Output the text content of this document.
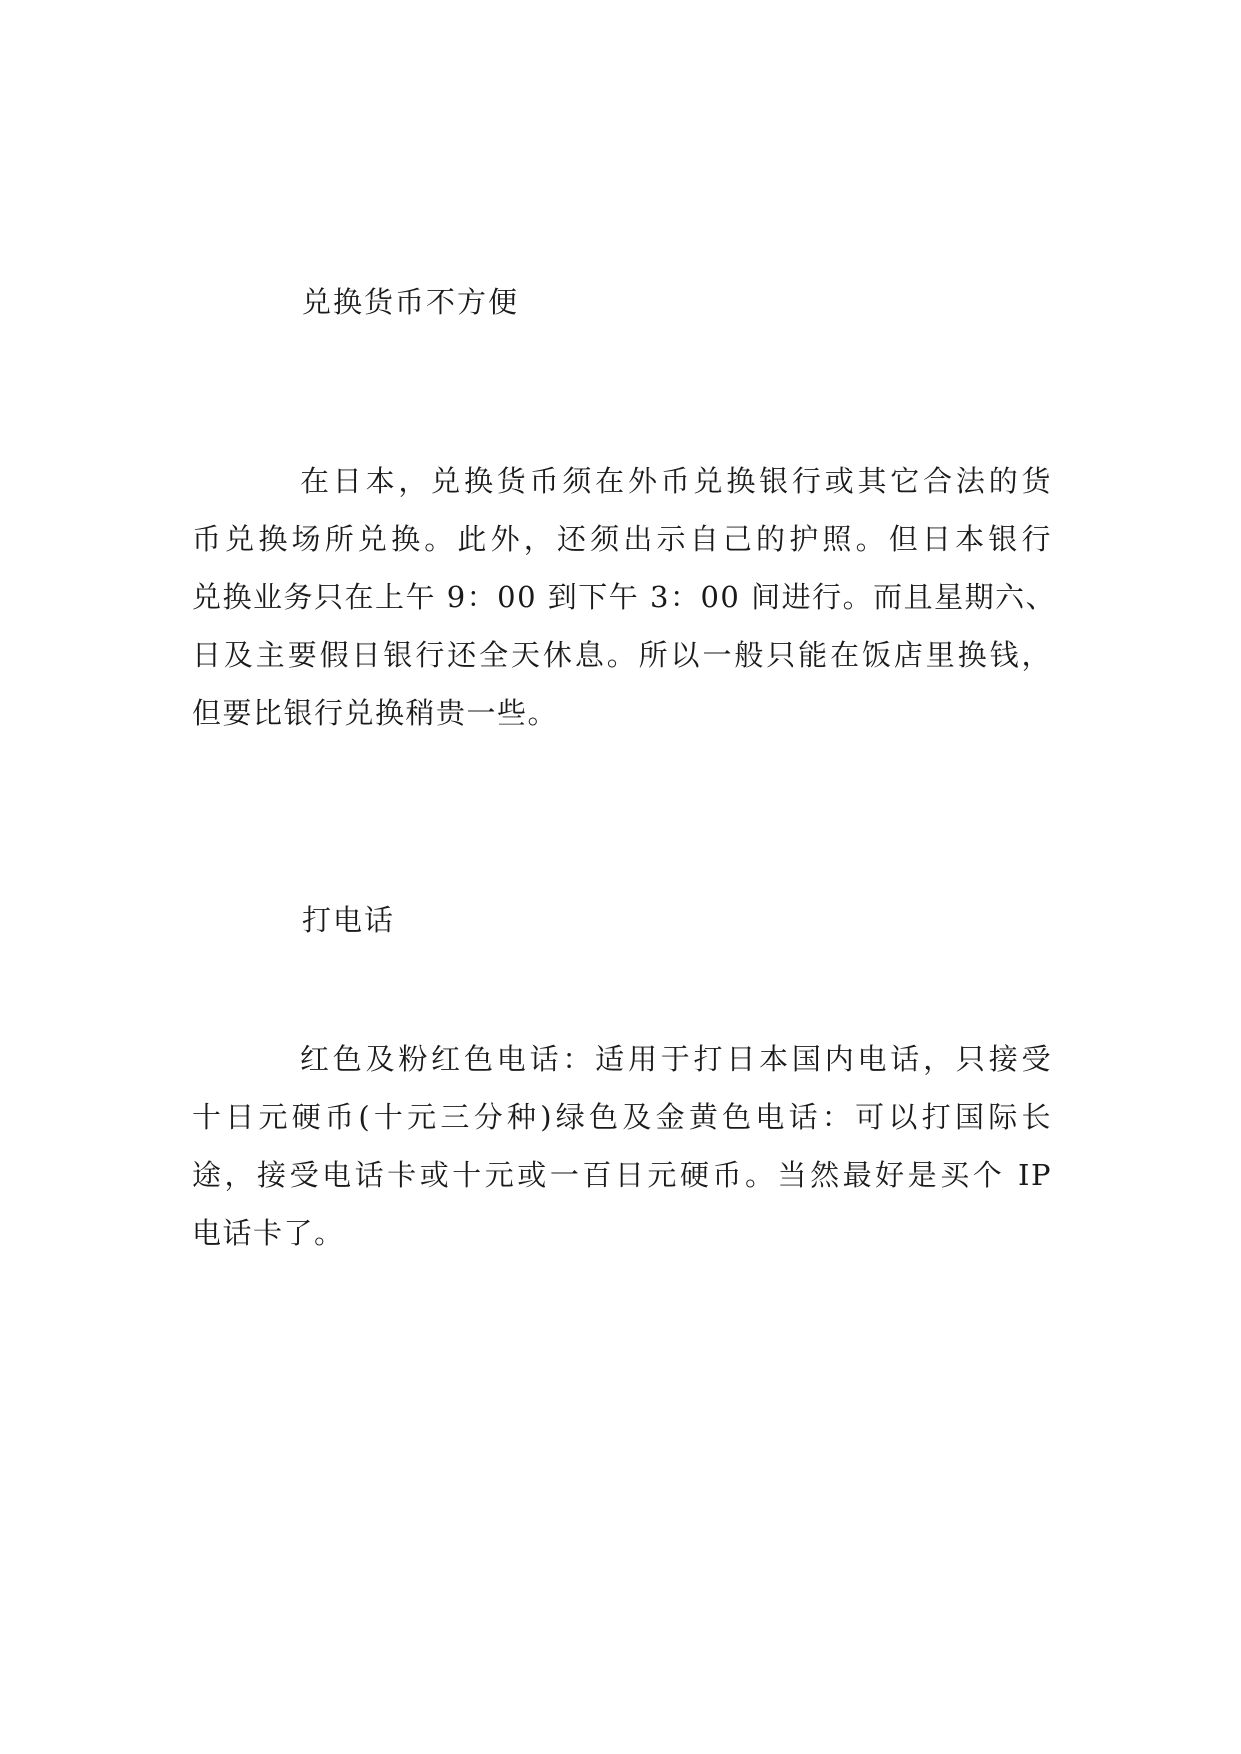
兑换货币不方便
在日本，兑换货币须在外币兑换银行或其它合法的货
币兑换场所兑换。此外，还须出示自己的护照。但日本银行
兑换业务只在上午 9：00 到下午 3：00 间进行。而且星期六、
日及主要假日银行还全天休息。所以一般只能在饭店里换钱，
但要比银行兑换稍贵一些。
打电话
红色及粉红色电话：适用于打日本国内电话，只接受
十日元硬币(十元三分种)绿色及金黄色电话：可以打国际长
途，接受电话卡或十元或一百日元硬币。当然最好是买个 IP
电话卡了。
